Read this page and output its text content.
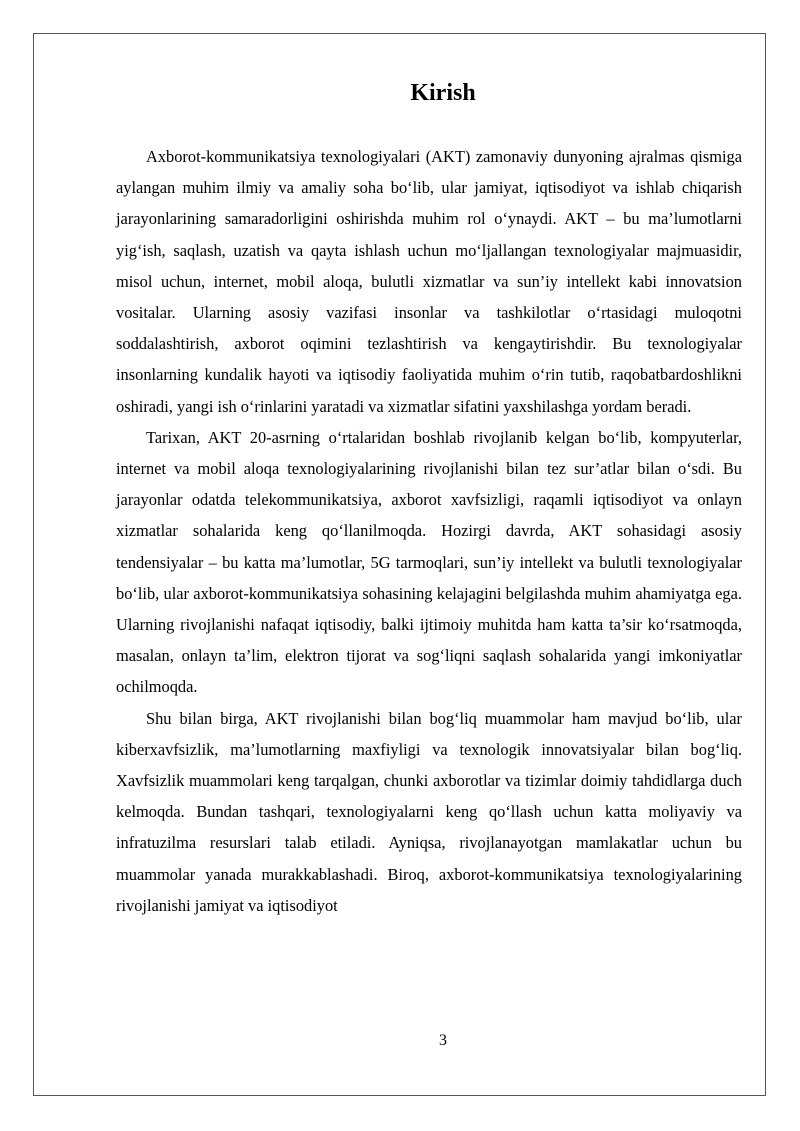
Kirish

Axborot-kommunikatsiya texnologiyalari (AKT) zamonaviy dunyoning ajralmas qismiga aylangan muhim ilmiy va amaliy soha bo‘lib, ular jamiyat, iqtisodiyot va ishlab chiqarish jarayonlarining samaradorligini oshirishda muhim rol o‘ynaydi. AKT – bu ma’lumotlarni yig‘ish, saqlash, uzatish va qayta ishlash uchun mo‘ljallangan texnologiyalar majmuasidir, misol uchun, internet, mobil aloqa, bulutli xizmatlar va sun’iy intellekt kabi innovatsion vositalar. Ularning asosiy vazifasi insonlar va tashkilotlar o‘rtasidagi muloqotni soddalashtirish, axborot oqimini tezlashtirish va kengaytirishdir. Bu texnologiyalar insonlarning kundalik hayoti va iqtisodiy faoliyatida muhim o‘rin tutib, raqobatbardoshlikni oshiradi, yangi ish o‘rinlarini yaratadi va xizmatlar sifatini yaxshilashga yordam beradi.

Tarixan, AKT 20-asrning o‘rtalaridan boshlab rivojlanib kelgan bo‘lib, kompyuterlar, internet va mobil aloqa texnologiyalarining rivojlanishi bilan tez sur’atlar bilan o‘sdi. Bu jarayonlar odatda telekommunikatsiya, axborot xavfsizligi, raqamli iqtisodiyot va onlayn xizmatlar sohalarida keng qo‘llanilmoqda. Hozirgi davrda, AKT sohasidagi asosiy tendensiyalar – bu katta ma’lumotlar, 5G tarmoqlari, sun’iy intellekt va bulutli texnologiyalar bo‘lib, ular axborot-kommunikatsiya sohasining kelajagini belgilashda muhim ahamiyatga ega. Ularning rivojlanishi nafaqat iqtisodiy, balki ijtimoiy muhitda ham katta ta’sir ko‘rsatmoqda, masalan, onlayn ta’lim, elektron tijorat va sog‘liqni saqlash sohalarida yangi imkoniyatlar ochilmoqda.

Shu bilan birga, AKT rivojlanishi bilan bog‘liq muammolar ham mavjud bo‘lib, ular kiberxavfsizlik, ma’lumotlarning maxfiyligi va texnologik innovatsiyalar bilan bog‘liq. Xavfsizlik muammolari keng tarqalgan, chunki axborotlar va tizimlar doimiy tahdidlarga duch kelmoqda. Bundan tashqari, texnologiyalarni keng qo‘llash uchun katta moliyaviy va infratuzilma resurslari talab etiladi. Ayniqsa, rivojlanayotgan mamlakatlar uchun bu muammolar yanada murakkablashadi. Biroq, axborot-kommunikatsiya texnologiyalarining rivojlanishi jamiyat va iqtisodiyot

3
